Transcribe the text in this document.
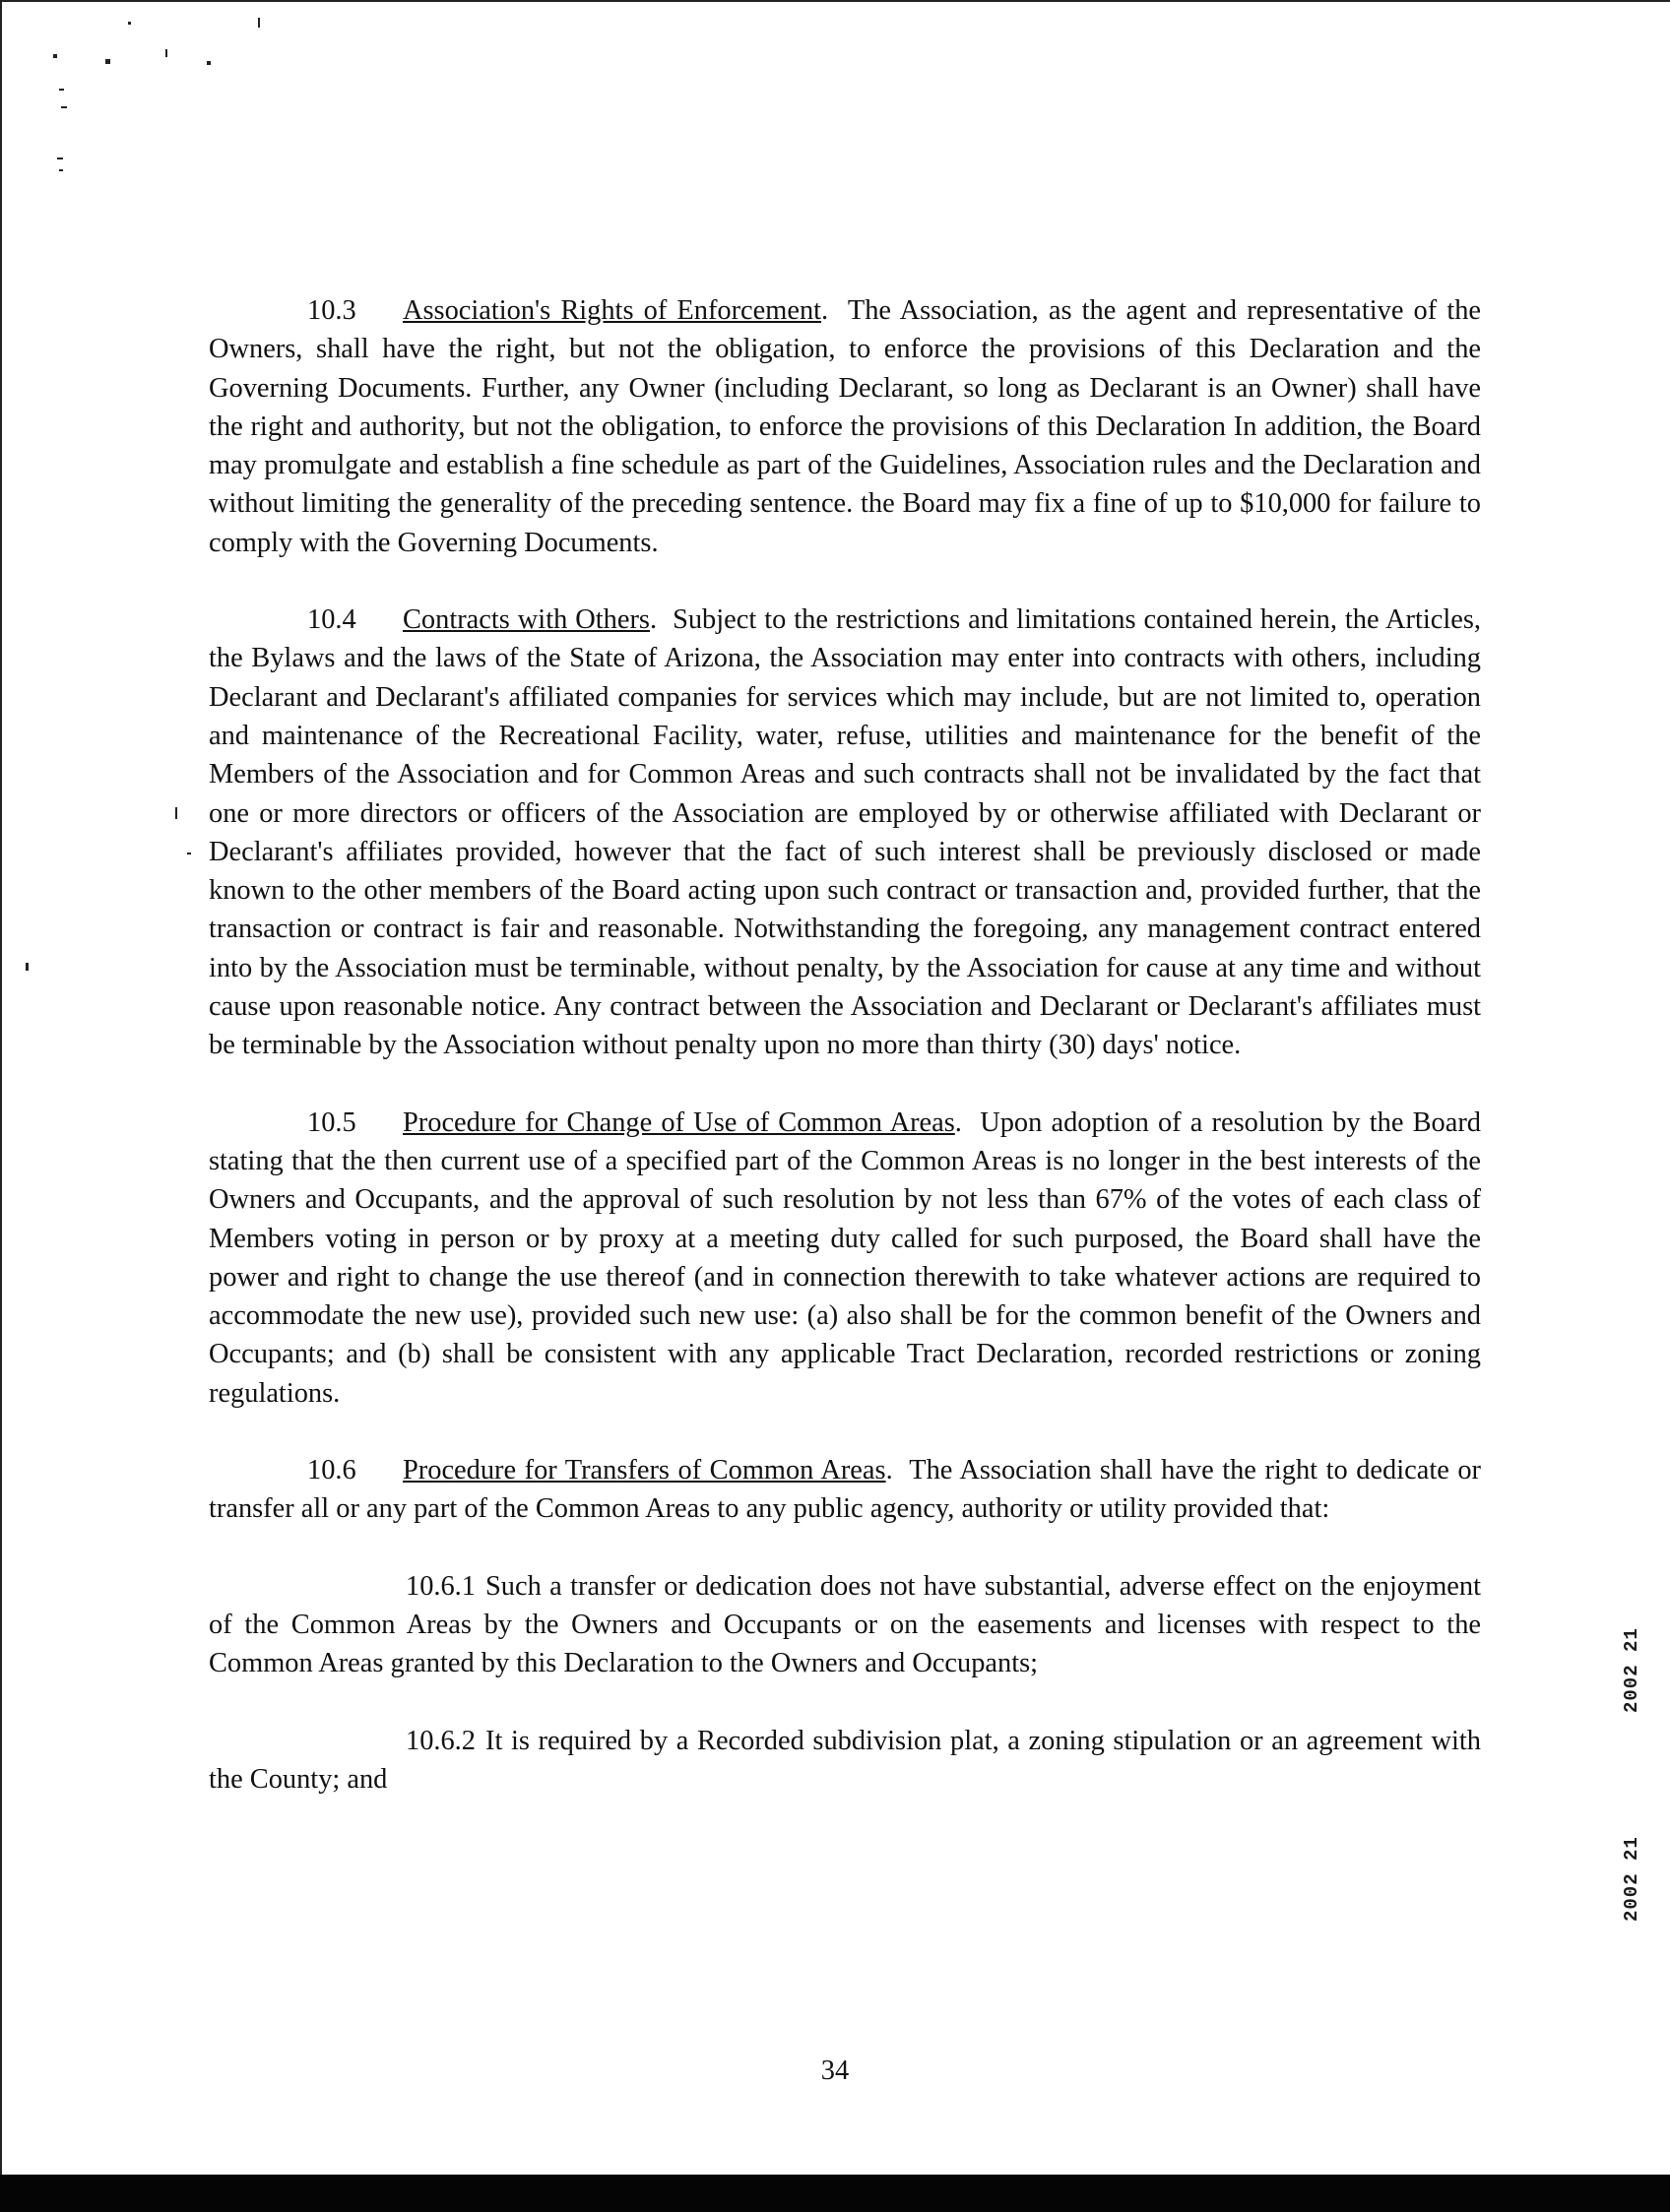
10.3 Association's Rights of Enforcement.  The Association, as the agent and representative of the Owners, shall have the right, but not the obligation, to enforce the provisions of this Declaration and the Governing Documents. Further, any Owner (including Declarant, so long as Declarant is an Owner) shall have the right and authority, but not the obligation, to enforce the provisions of this Declaration In addition, the Board may promulgate and establish a fine schedule as part of the Guidelines, Association rules and the Declaration and without limiting the generality of the preceding sentence. the Board may fix a fine of up to $10,000 for failure to comply with the Governing Documents.

10.4 Contracts with Others.  Subject to the restrictions and limitations contained herein, the Articles, the Bylaws and the laws of the State of Arizona, the Association may enter into contracts with others, including Declarant and Declarant's affiliated companies for services which may include, but are not limited to, operation and maintenance of the Recreational Facility, water, refuse, utilities and maintenance for the benefit of the Members of the Association and for Common Areas and such contracts shall not be invalidated by the fact that one or more directors or officers of the Association are employed by or otherwise affiliated with Declarant or Declarant's affiliates provided, however that the fact of such interest shall be previously disclosed or made known to the other members of the Board acting upon such contract or transaction and, provided further, that the transaction or contract is fair and reasonable. Notwithstanding the foregoing, any management contract entered into by the Association must be terminable, without penalty, by the Association for cause at any time and without cause upon reasonable notice. Any contract between the Association and Declarant or Declarant's affiliates must be terminable by the Association without penalty upon no more than thirty (30) days' notice.

10.5 Procedure for Change of Use of Common Areas.  Upon adoption of a resolution by the Board stating that the then current use of a specified part of the Common Areas is no longer in the best interests of the Owners and Occupants, and the approval of such resolution by not less than 67% of the votes of each class of Members voting in person or by proxy at a meeting duty called for such purposed, the Board shall have the power and right to change the use thereof (and in connection therewith to take whatever actions are required to accommodate the new use), provided such new use: (a) also shall be for the common benefit of the Owners and Occupants; and (b) shall be consistent with any applicable Tract Declaration, recorded restrictions or zoning regulations.

10.6 Procedure for Transfers of Common Areas.  The Association shall have the right to dedicate or transfer all or any part of the Common Areas to any public agency, authority or utility provided that:

10.6.1 Such a transfer or dedication does not have substantial, adverse effect on the enjoyment of the Common Areas by the Owners and Occupants or on the easements and licenses with respect to the Common Areas granted by this Declaration to the Owners and Occupants;

10.6.2 It is required by a Recorded subdivision plat, a zoning stipulation or an agreement with the County; and

34
2002 21
2002 21
